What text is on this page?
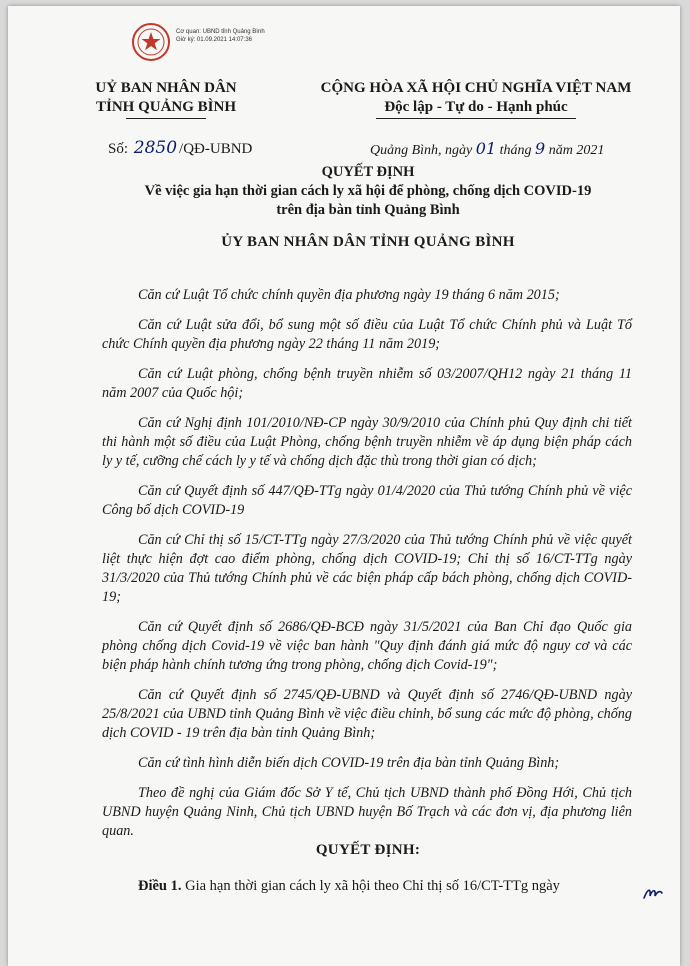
Cơ quan: UBND tỉnh Quảng Bình
Giờ ký: 01.09.2021 14:07:36
UỶ BAN NHÂN DÂN
TỈNH QUẢNG BÌNH
CỘNG HÒA XÃ HỘI CHỦ NGHĨA VIỆT NAM
Độc lập - Tự do - Hạnh phúc
Số: 2850 /QĐ-UBND	Quảng Bình, ngày 01 tháng 9 năm 2021
QUYẾT ĐỊNH
Về việc gia hạn thời gian cách ly xã hội để phòng, chống dịch COVID-19
trên địa bàn tỉnh Quảng Bình
ỦY BAN NHÂN DÂN TỈNH QUẢNG BÌNH

Căn cứ Luật Tổ chức chính quyền địa phương ngày 19 tháng 6 năm 2015;

Căn cứ Luật sửa đổi, bổ sung một số điều của Luật Tổ chức Chính phủ và Luật Tổ chức Chính quyền địa phương ngày 22 tháng 11 năm 2019;

Căn cứ Luật phòng, chống bệnh truyền nhiễm số 03/2007/QH12 ngày 21 tháng 11 năm 2007 của Quốc hội;

Căn cứ Nghị định 101/2010/NĐ-CP ngày 30/9/2010 của Chính phủ Quy định chi tiết thi hành một số điều của Luật Phòng, chống bệnh truyền nhiễm về áp dụng biện pháp cách ly y tế, cưỡng chế cách ly y tế và chống dịch đặc thù trong thời gian có dịch;

Căn cứ Quyết định số 447/QĐ-TTg ngày 01/4/2020 của Thủ tướng Chính phủ về việc Công bố dịch COVID-19

Căn cứ Chỉ thị số 15/CT-TTg ngày 27/3/2020 của Thủ tướng Chính phủ về việc quyết liệt thực hiện đợt cao điểm phòng, chống dịch COVID-19; Chỉ thị số 16/CT-TTg ngày 31/3/2020 của Thủ tướng Chính phủ về các biện pháp cấp bách phòng, chống dịch COVID-19;

Căn cứ Quyết định số 2686/QĐ-BCĐ ngày 31/5/2021 của Ban Chỉ đạo Quốc gia phòng chống dịch Covid-19 về việc ban hành "Quy định đánh giá mức độ nguy cơ và các biện pháp hành chính tương ứng trong phòng, chống dịch Covid-19";

Căn cứ Quyết định số 2745/QĐ-UBND và Quyết định số 2746/QĐ-UBND ngày 25/8/2021 của UBND tỉnh Quảng Bình về việc điều chỉnh, bổ sung các mức độ phòng, chống dịch COVID - 19 trên địa bàn tỉnh Quảng Bình;

Căn cứ tình hình diễn biến dịch COVID-19 trên địa bàn tỉnh Quảng Bình;

Theo đề nghị của Giám đốc Sở Y tế, Chủ tịch UBND thành phố Đồng Hới, Chủ tịch UBND huyện Quảng Ninh, Chủ tịch UBND huyện Bố Trạch và các đơn vị, địa phương liên quan.

QUYẾT ĐỊNH:
Điều 1. Gia hạn thời gian cách ly xã hội theo Chỉ thị số 16/CT-TTg ngày
